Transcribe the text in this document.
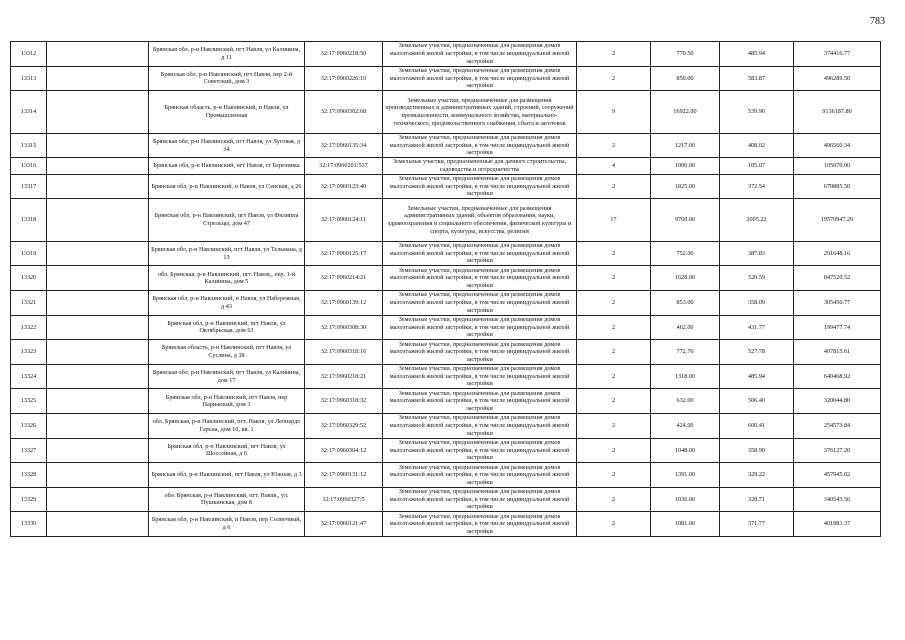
783
13312		Брянская обл, р-н Навлинский, пгт Навля, ул Калинина, д 11	32:17:0960218:50	Земельные участки, предназначенные для размещения домов малоэтажной жилой застройки, в том числе индивидуальной жилой застройки	2	770.50	485.94	374416.77
13313		Брянская обл, р-н Навлинский, пгт Навля, пер 2-й Советский, дом 3	32:17:0960226:10	Земельные участки, предназначенные для размещения домов малоэтажной жилой застройки, в том числе индивидуальной жилой застройки	2	850.00	583.87	496289.50
13314		Брянская область, р-н Навлинский, п Навля, ул Промышленная	32:17:0960302:68	Земельные участки, предназначенные для размещения производственных и административных зданий, строений, сооружений промышленности, коммунального хозяйства, материально-технического, продовольственного снабжения, сбыта и заготовок	9	16922.00	539.90	9136187.80
13315		Брянская обл, р-н Навлинский, пгт Навля, ул Луговая, д 34	32:17:0960135:34	Земельные участки, предназначенные для размещения домов малоэтажной жилой застройки, в том числе индивидуальной жилой застройки	2	1217.00	408.02	496560.34
13316		Брянская обл, р-н Навлинский, пгт Навля, ст Березинка	32:17:0960201:537	Земельные участки, предназначенные для дачного строительства, садоводства и огородничества	4	1000.00	105.07	105070.00
13317		Брянская обл, р-н Навлинский, п Навля, ул Сенская, д 26	32:17:0960123:40	Земельные участки, предназначенные для размещения домов малоэтажной жилой застройки, в том числе индивидуальной жилой застройки	2	1825.00	372.54	679885.50
13318		Брянская обл, р-н Навлинский, пгт Навля, ул Филиппа Стрельцы, дом 47	32:17:0960124:11	Земельные участки, предназначенные для размещения административных зданий, объектов образования, науки, здравоохранения и социального обеспечения, физической культуры и спорта, культуры, искусства, религии	17	9760.00	2005.22	19570947.20
13319		Брянская обл, р-н Навлинский, пгт Навля, ул Тельмана, д 13	32:17:0960125:17	Земельные участки, предназначенные для размещения домов малоэтажной жилой застройки, в том числе индивидуальной жилой застройки	2	752.00	387.83	291648.16
13320		обл. Брянская, р-н Навлинский, пгт. Навля,, пер. 1-й Калинина, дом 5	32:17:0960214:21	Земельные участки, предназначенные для размещения домов малоэтажной жилой застройки, в том числе индивидуальной жилой застройки	2	1628.00	520.59	847520.52
13321		Брянская обл, р-н Навлинский, п Навля, ул Набережная, д 43	32:17:0960139:12	Земельные участки, предназначенные для размещения домов малоэтажной жилой застройки, в том числе индивидуальной жилой застройки	2	853.00	358.09	305450.77
13322		Брянская обл, р-н Навлинский, пгт Навля, ул Октябрьская, дом 63	32:17:0960308:30	Земельные участки, предназначенные для размещения домов малоэтажной жилой застройки, в том числе индивидуальной жилой застройки	2	462.00	431.77	199477.74
13323		Брянская область, р-н Навлинский, пгт Навля, ул Суслина, д 38	32:17:0960318:16	Земельные участки, предназначенные для размещения домов малоэтажной жилой застройки, в том числе индивидуальной жилой застройки	2	772.70	527.78	407815.61
13324		Брянская обл, р-н Навлинский, пгт Навля, ул Калинина, дом 17	32:17:0960218:21	Земельные участки, предназначенные для размещения домов малоэтажной жилой застройки, в том числе индивидуальной жилой застройки	2	1318.00	485.94	640468.92
13325		Брянская обл, р-н Навлинский, пгт Навля, пер Парижский, дом 3	32:17:0960318:32	Земельные участки, предназначенные для размещения домов малоэтажной жилой застройки, в том числе индивидуальной жилой застройки	2	632.00	506.40	320044.80
13326		обл. Брянская, р-н Навлинский, пгт. Навля, ул Леонардо Гарсиа, дом 10, кв. 1	32:17:0960329:52	Земельные участки, предназначенные для размещения домов малоэтажной жилой застройки, в том числе индивидуальной жилой застройки	2	424.00	600.41	254573.84
13327		Брянская обл, р-н Навлинский, пгт Навля, ул Шоссейная, д 6	32:17:0960304:12	Земельные участки, предназначенные для размещения домов малоэтажной жилой застройки, в том числе индивидуальной жилой застройки	2	1048.00	358.90	376127.20
13328		Брянская обл, р-н Навлинский, пгт Навля, ул Южная, д 3	32:17:0960131:12	Земельные участки, предназначенные для размещения домов малоэтажной жилой застройки, в том числе индивидуальной жилой застройки	2	1391.00	329.22	457945.02
13329		обл. Брянская, р-н Навлинский, пгт. Навля,, ул. Пушкинская, дом 8	32:17:0960327:5	Земельные участки, предназначенные для размещения домов малоэтажной жилой застройки, в том числе индивидуальной жилой застройки	2	1036.00	328.71	340543.56
13330		Брянская обл, р-н Навлинский, п Навля, пер Солнечный, д 6	32:17:0960121:47	Земельные участки, предназначенные для размещения домов малоэтажной жилой застройки, в том числе индивидуальной жилой застройки	2	1081.00	371.77	401883.37
